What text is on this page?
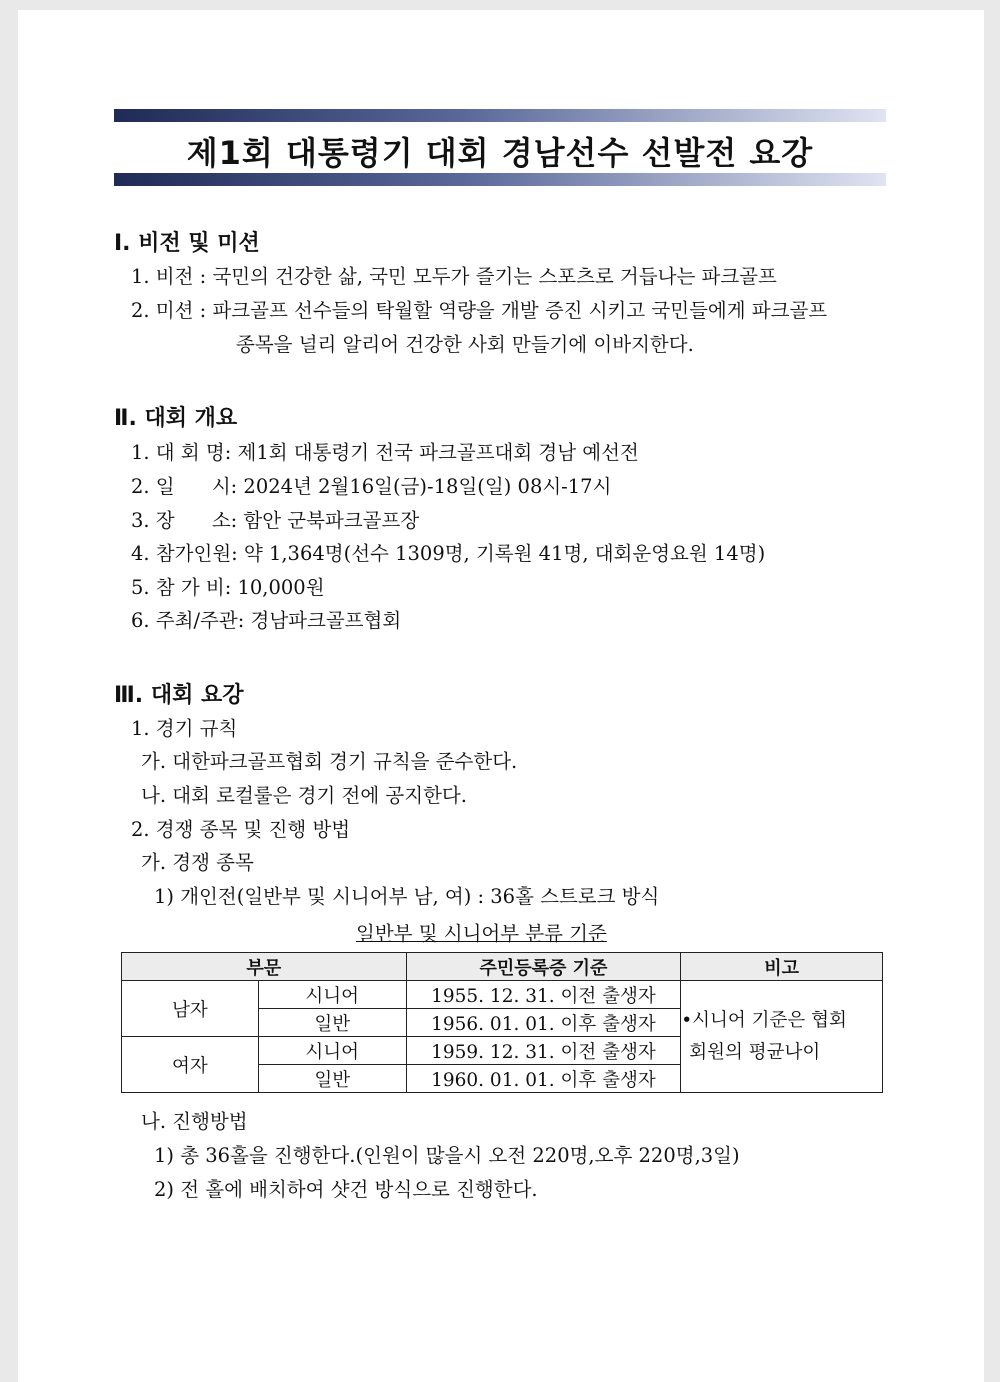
제1회 대통령기 대회 경남선수 선발전 요강
Ⅰ. 비전 및 미션
1. 비전 : 국민의 건강한 삶, 국민 모두가 즐기는 스포츠로 거듭나는 파크골프
2. 미션 : 파크골프 선수들의 탁월할 역량을 개발 증진 시키고 국민들에게 파크골프
종목을 널리 알리어 건강한 사회 만들기에 이바지한다.
Ⅱ. 대회 개요
1. 대 회 명: 제1회 대통령기 전국 파크골프대회 경남 예선전
2. 일      시: 2024년 2월16일(금)-18일(일) 08시-17시
3. 장      소: 함안 군북파크골프장
4. 참가인원: 약 1,364명(선수 1309명, 기록원 41명, 대회운영요원 14명)
5. 참 가 비: 10,000원
6. 주최/주관: 경남파크골프협회
Ⅲ. 대회 요강
1. 경기 규칙
가. 대한파크골프협회 경기 규칙을 준수한다.
나. 대회 로컬룰은 경기 전에 공지한다.
2. 경쟁 종목 및 진행 방법
가. 경쟁 종목
1) 개인전(일반부 및 시니어부 남, 여) : 36홀 스트로크 방식
일반부 및 시니어부 분류 기준
부문		주민등록증 기준	비고
남자	시니어	1955. 12. 31. 이전 출생자	•시니어 기준은 협회
회원의 평균나이

	일반	1956. 01. 01. 이후 출생자	
여자	시니어	1959. 12. 31. 이전 출생자	
	일반	1960. 01. 01. 이후 출생자	
나. 진행방법
1) 총 36홀을 진행한다.(인원이 많을시 오전 220명,오후 220명,3일)
2) 전 홀에 배치하여 샷건 방식으로 진행한다.
